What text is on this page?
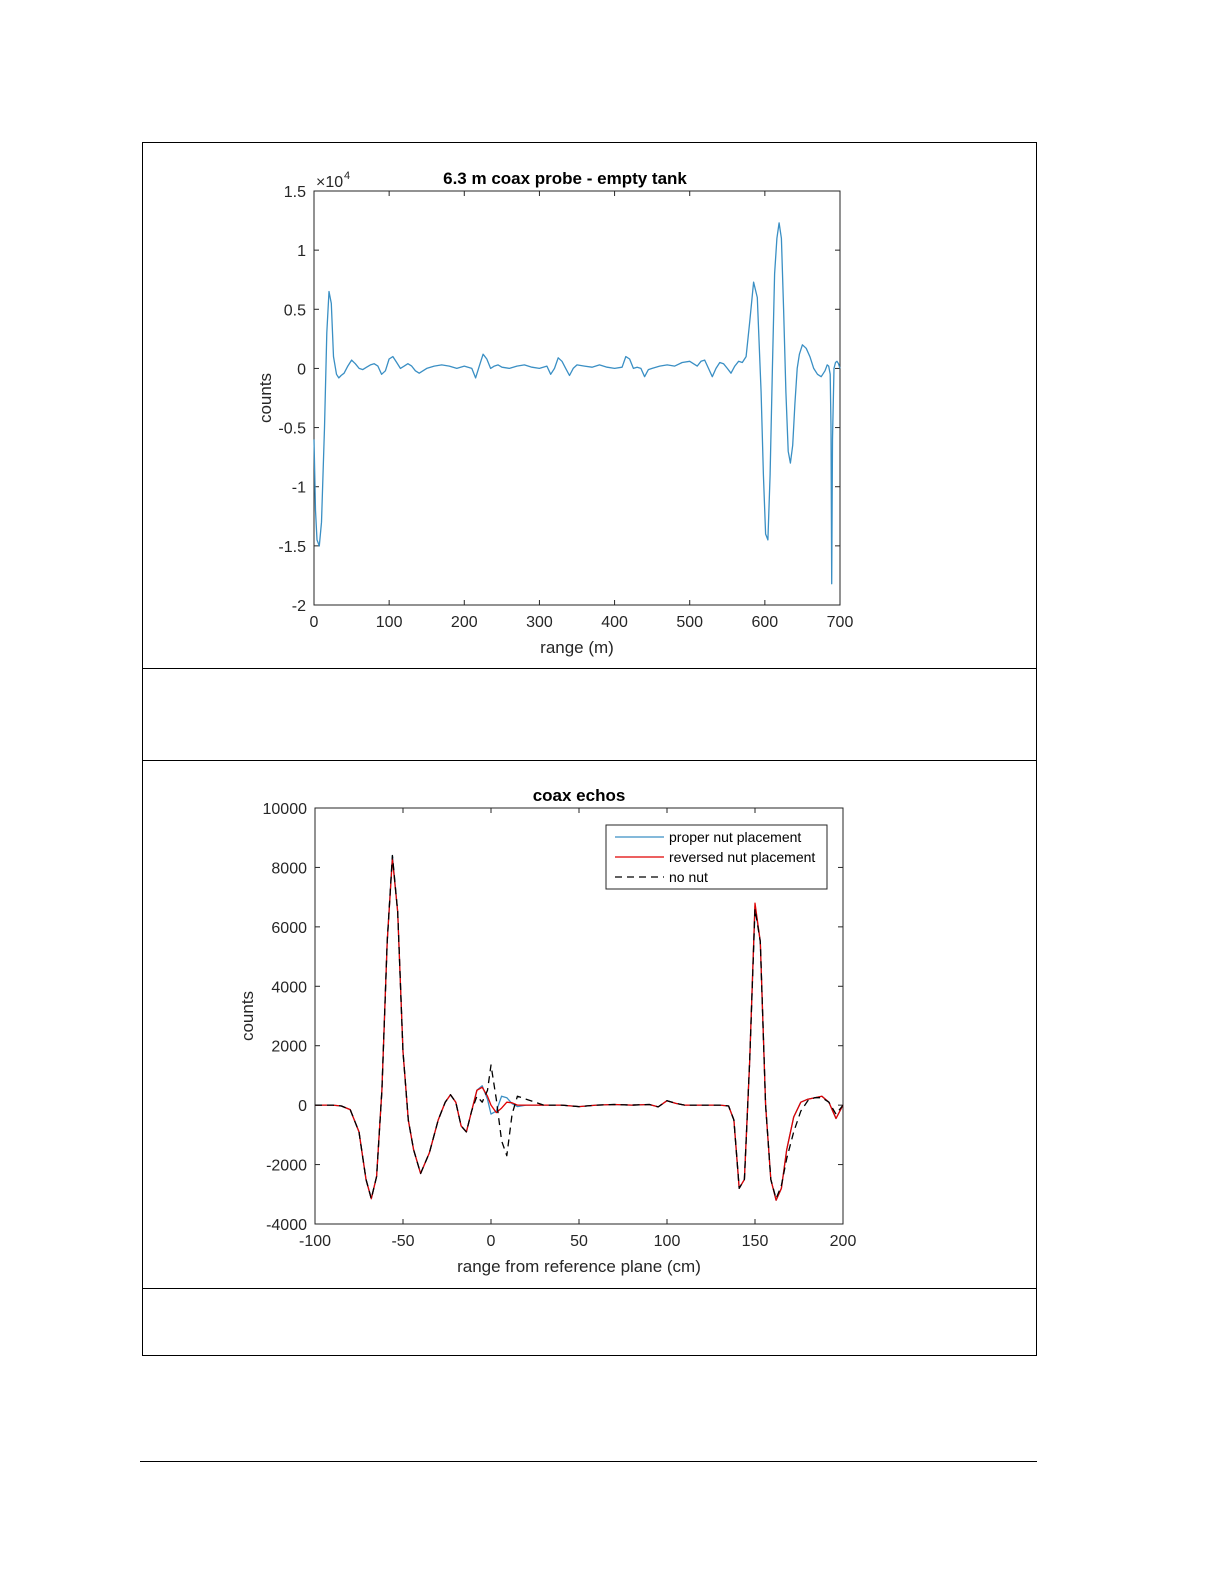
0	100	200	300	400	500	600	700
-2
-1.5
-1
-0.5
0
0.5
1
1.5
6.3 m coax probe - empty tank
range (m)
counts
×10 4
-100	-50	0	50	100	150	200
-4000
-2000
0
2000
4000
6000
8000
10000
coax echos
range from reference plane (cm)
counts
proper nut placement
reversed nut placement
no nut
